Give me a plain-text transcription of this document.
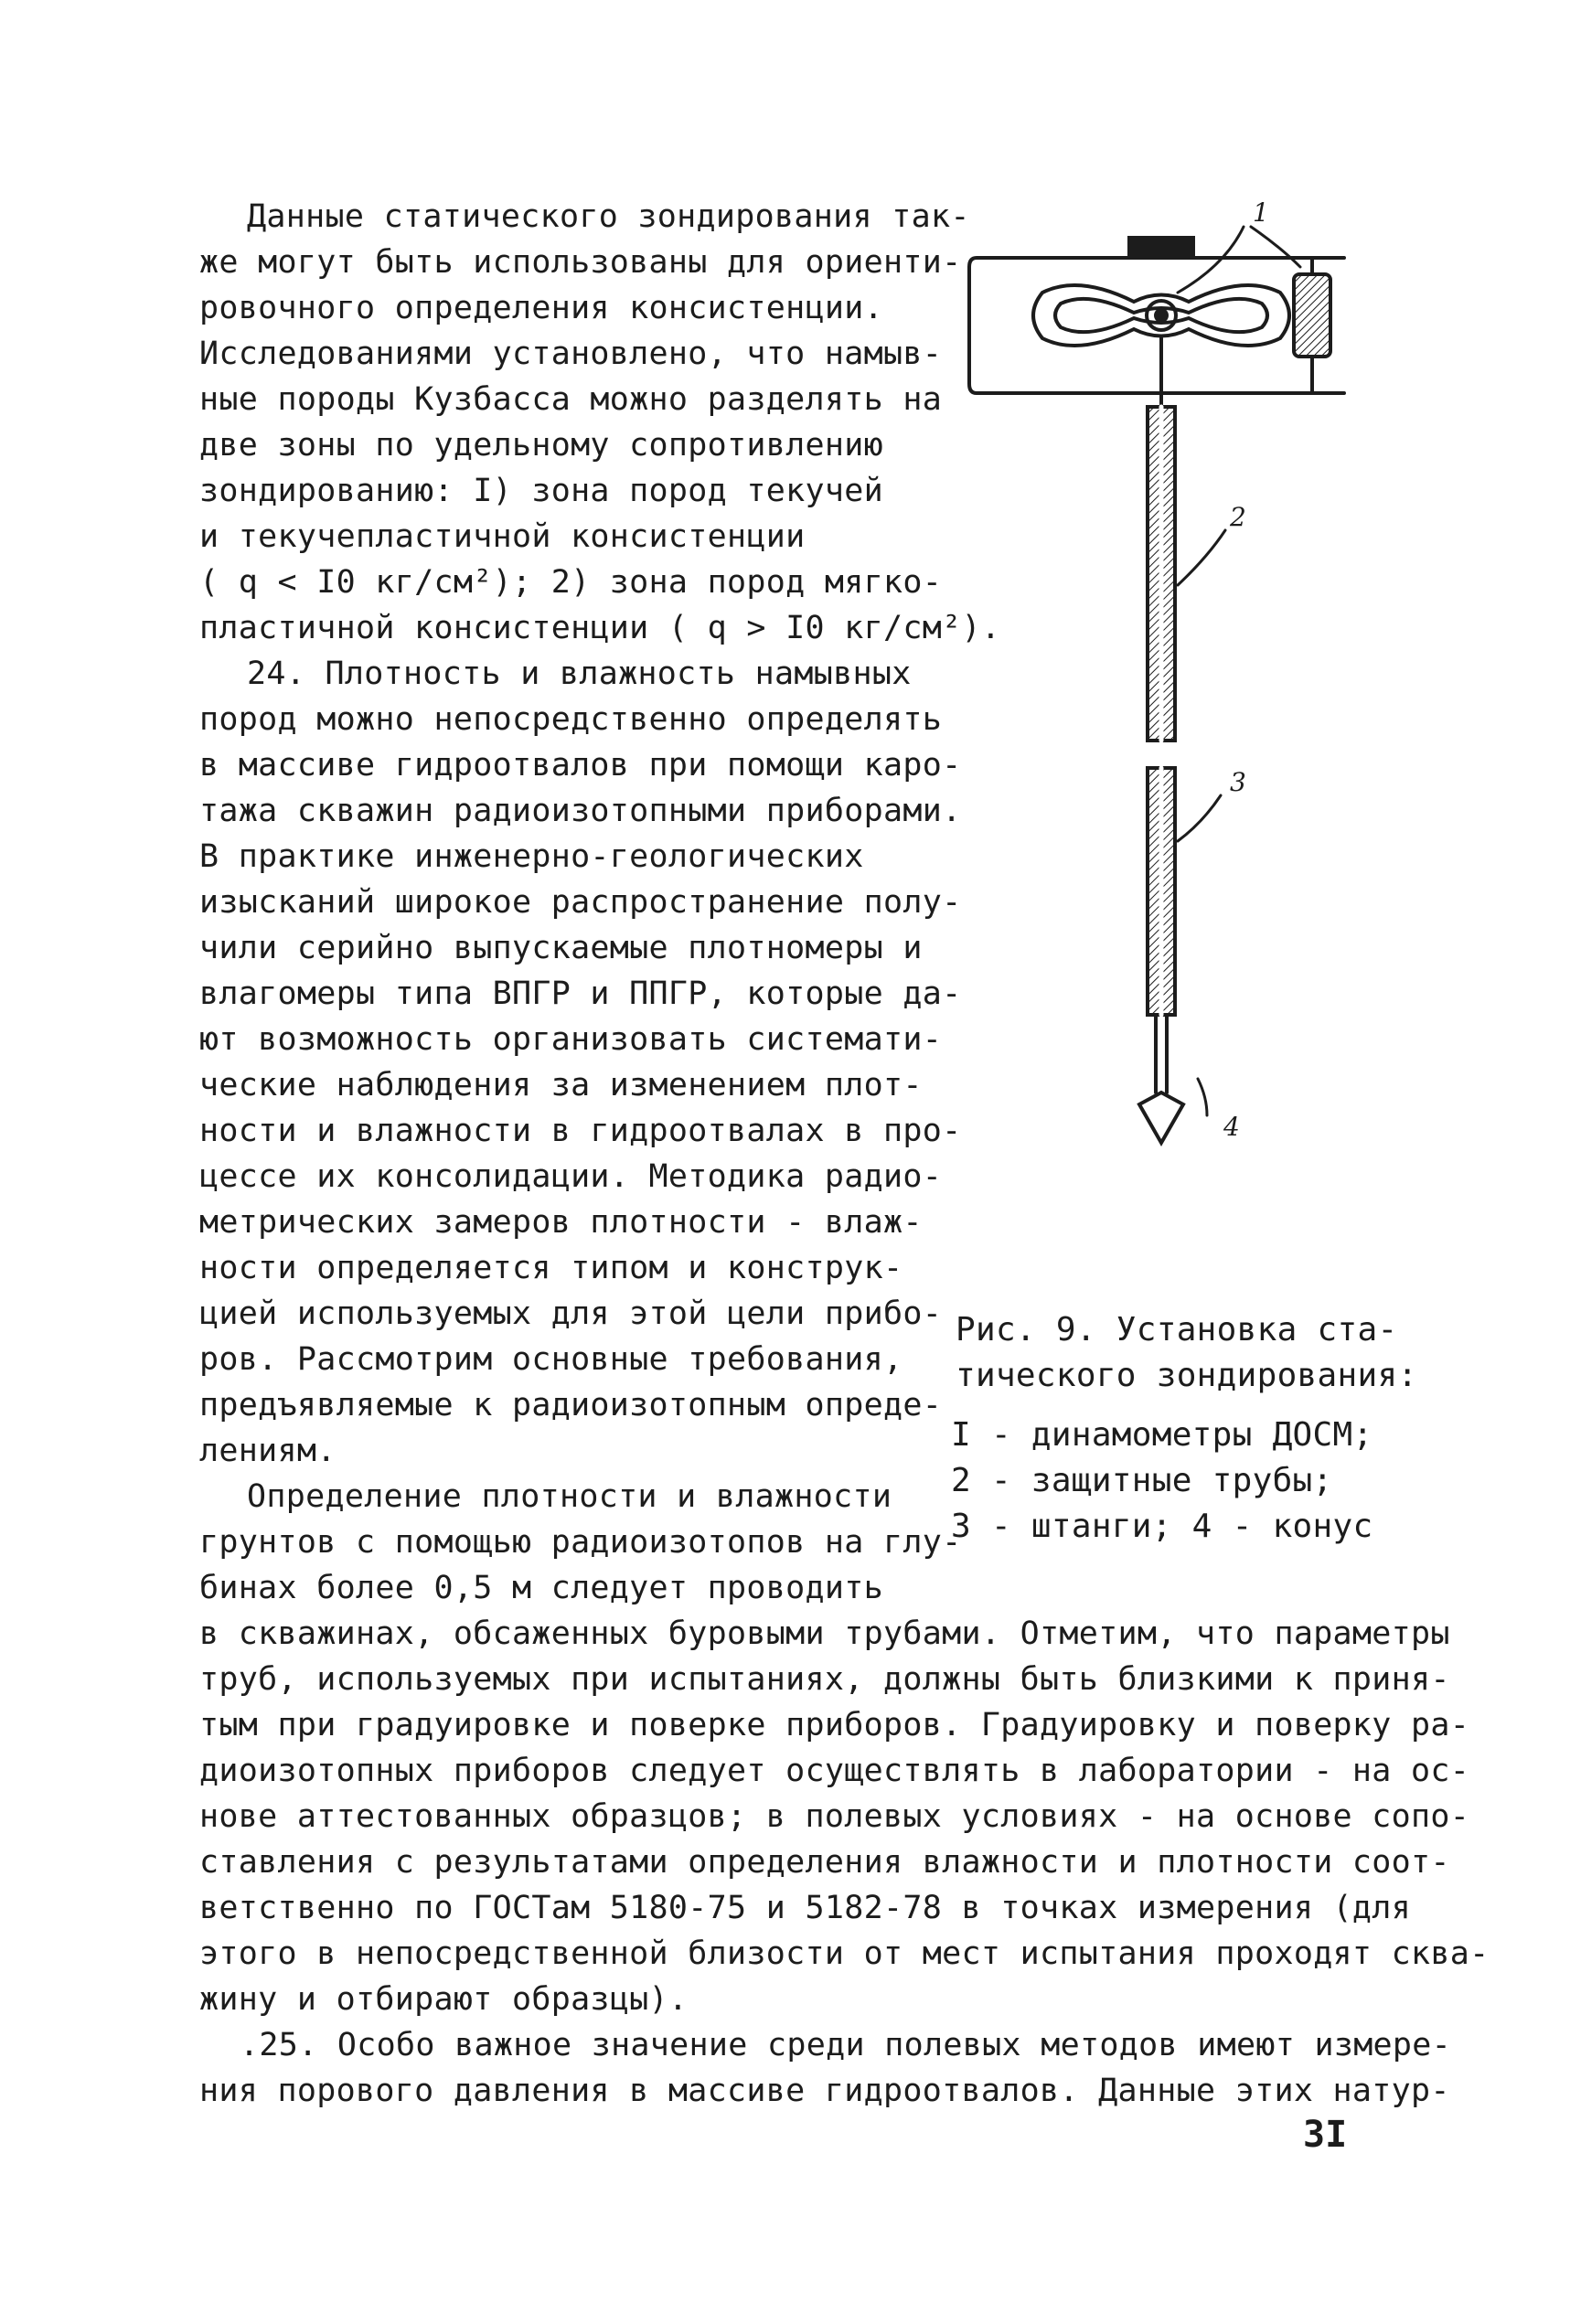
Данные статического зондирования так-

же могут быть использованы для ориенти-

ровочного определения консистенции.

Исследованиями установлено, что намыв-

ные породы Кузбасса можно разделять на

две зоны по удельному сопротивлению

зондированию: I) зона пород текучей

и текучепластичной консистенции

( q < I0 кг/см²); 2) зона пород мягко-

пластичной консистенции ( q > I0 кг/см²).

24. Плотность и влажность намывных

пород можно непосредственно определять

в массиве гидроотвалов при помощи каро-

тажа скважин радиоизотопными приборами.

В практике инженерно-геологических

изысканий широкое распространение полу-

чили серийно выпускаемые плотномеры и

влагомеры типа ВПГР и ППГР, которые да-

ют возможность организовать системати-

ческие наблюдения за изменением плот-

ности и влажности в гидроотвалах в про-

цессе их консолидации. Методика радио-

метрических замеров плотности - влаж-

ности определяется типом и конструк-

цией используемых для этой цели прибо-

ров. Рассмотрим основные требования,

предъявляемые к радиоизотопным опреде-

лениям.

Определение плотности и влажности

грунтов с помощью радиоизотопов на глу-

бинах более 0,5 м следует проводить

в скважинах, обсаженных буровыми трубами. Отметим, что параметры

труб, используемых при испытаниях, должны быть близкими к приня-

тым при градуировке и поверке приборов. Градуировку и поверку ра-

диоизотопных приборов следует осуществлять в лаборатории - на ос-

нове аттестованных образцов; в полевых условиях - на основе сопо-

ставления с результатами определения влажности и плотности соот-

ветственно по ГОСТам 5180-75 и 5182-78 в точках измерения (для

этого в непосредственной близости от мест испытания проходят сква-

жину и отбирают образцы).

.25. Особо важное значение среди полевых методов имеют измере-

ния порового давления в массиве гидроотвалов. Данные этих натур-

1
2
3
4

Рис. 9. Установка ста-

тического зондирования:

I - динамометры ДОСМ;

2 - защитные трубы;

3 - штанги; 4 - конус

3I
